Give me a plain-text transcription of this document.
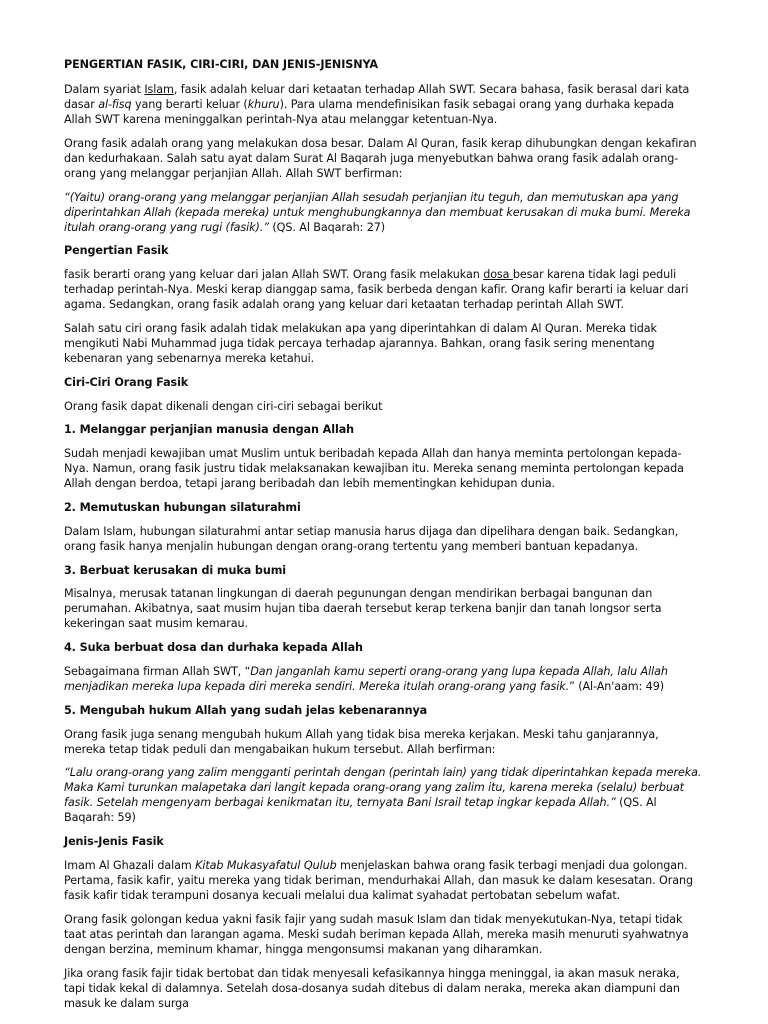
PENGERTIAN FASIK, CIRI-CIRI, DAN JENIS-JENISNYA

Dalam syariat Islam, fasik adalah keluar dari ketaatan terhadap Allah SWT. Secara bahasa, fasik berasal dari kata dasar al-fisq yang berarti keluar (khuru). Para ulama mendefinisikan fasik sebagai orang yang durhaka kepada Allah SWT karena meninggalkan perintah-Nya atau melanggar ketentuan-Nya.

Orang fasik adalah orang yang melakukan dosa besar. Dalam Al Quran, fasik kerap dihubungkan dengan kekafiran dan kedurhakaan. Salah satu ayat dalam Surat Al Baqarah juga menyebutkan bahwa orang fasik adalah orang-orang yang melanggar perjanjian Allah. Allah SWT berfirman:

“(Yaitu) orang-orang yang melanggar perjanjian Allah sesudah perjanjian itu teguh, dan memutuskan apa yang diperintahkan Allah (kepada mereka) untuk menghubungkannya dan membuat kerusakan di muka bumi. Mereka itulah orang-orang yang rugi (fasik).” (QS. Al Baqarah: 27)

Pengertian Fasik

fasik berarti orang yang keluar dari jalan Allah SWT. Orang fasik melakukan dosa besar karena tidak lagi peduli terhadap perintah-Nya. Meski kerap dianggap sama, fasik berbeda dengan kafir. Orang kafir berarti ia keluar dari agama. Sedangkan, orang fasik adalah orang yang keluar dari ketaatan terhadap perintah Allah SWT.

Salah satu ciri orang fasik adalah tidak melakukan apa yang diperintahkan di dalam Al Quran. Mereka tidak mengikuti Nabi Muhammad juga tidak percaya terhadap ajarannya. Bahkan, orang fasik sering menentang kebenaran yang sebenarnya mereka ketahui.

Ciri-Ciri Orang Fasik

Orang fasik dapat dikenali dengan ciri-ciri sebagai berikut

1. Melanggar perjanjian manusia dengan Allah

Sudah menjadi kewajiban umat Muslim untuk beribadah kepada Allah dan hanya meminta pertolongan kepada-Nya. Namun, orang fasik justru tidak melaksanakan kewajiban itu. Mereka senang meminta pertolongan kepada Allah dengan berdoa, tetapi jarang beribadah dan lebih mementingkan kehidupan dunia.

2. Memutuskan hubungan silaturahmi

Dalam Islam, hubungan silaturahmi antar setiap manusia harus dijaga dan dipelihara dengan baik. Sedangkan, orang fasik hanya menjalin hubungan dengan orang-orang tertentu yang memberi bantuan kepadanya.

3. Berbuat kerusakan di muka bumi

Misalnya, merusak tatanan lingkungan di daerah pegunungan dengan mendirikan berbagai bangunan dan perumahan. Akibatnya, saat musim hujan tiba daerah tersebut kerap terkena banjir dan tanah longsor serta kekeringan saat musim kemarau.

4. Suka berbuat dosa dan durhaka kepada Allah

Sebagaimana firman Allah SWT, “Dan janganlah kamu seperti orang-orang yang lupa kepada Allah, lalu Allah menjadikan mereka lupa kepada diri mereka sendiri. Mereka itulah orang-orang yang fasik.” (Al-An'aam: 49)

5. Mengubah hukum Allah yang sudah jelas kebenarannya

Orang fasik juga senang mengubah hukum Allah yang tidak bisa mereka kerjakan. Meski tahu ganjarannya, mereka tetap tidak peduli dan mengabaikan hukum tersebut. Allah berfirman:

“Lalu orang-orang yang zalim mengganti perintah dengan (perintah lain) yang tidak diperintahkan kepada mereka. Maka Kami turunkan malapetaka dari langit kepada orang-orang yang zalim itu, karena mereka (selalu) berbuat fasik. Setelah mengenyam berbagai kenikmatan itu, ternyata Bani Israil tetap ingkar kepada Allah.” (QS. Al Baqarah: 59)

Jenis-Jenis Fasik

Imam Al Ghazali dalam Kitab Mukasyafatul Qulub menjelaskan bahwa orang fasik terbagi menjadi dua golongan. Pertama, fasik kafir, yaitu mereka yang tidak beriman, mendurhakai Allah, dan masuk ke dalam kesesatan. Orang fasik kafir tidak terampuni dosanya kecuali melalui dua kalimat syahadat pertobatan sebelum wafat.

Orang fasik golongan kedua yakni fasik fajir yang sudah masuk Islam dan tidak menyekutukan-Nya, tetapi tidak taat atas perintah dan larangan agama. Meski sudah beriman kepada Allah, mereka masih menuruti syahwatnya dengan berzina, meminum khamar, hingga mengonsumsi makanan yang diharamkan.

Jika orang fasik fajir tidak bertobat dan tidak menyesali kefasikannya hingga meninggal, ia akan masuk neraka, tapi tidak kekal di dalamnya. Setelah dosa-dosanya sudah ditebus di dalam neraka, mereka akan diampuni dan masuk ke dalam surga
